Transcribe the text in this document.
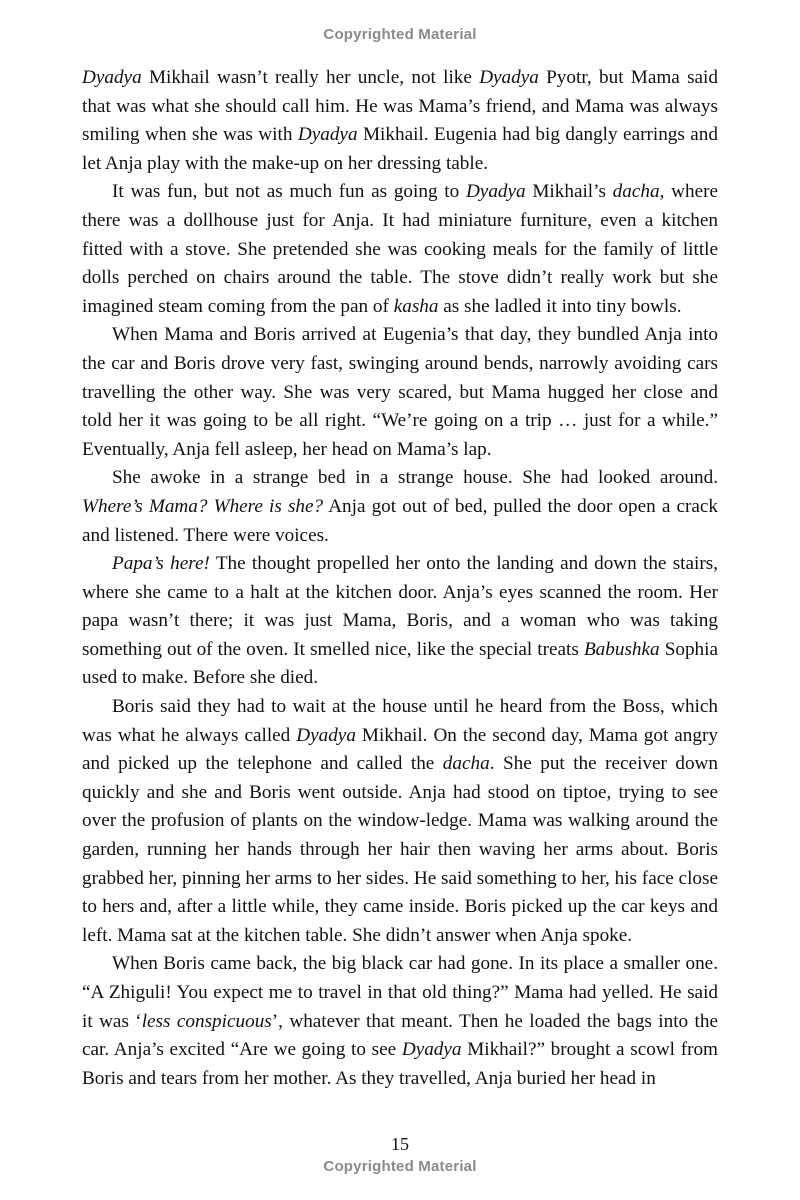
Copyrighted Material

Dyadya Mikhail wasn’t really her uncle, not like Dyadya Pyotr, but Mama said that was what she should call him. He was Mama’s friend, and Mama was always smiling when she was with Dyadya Mikhail. Eugenia had big dangly earrings and let Anja play with the make-up on her dressing table.

It was fun, but not as much fun as going to Dyadya Mikhail’s dacha, where there was a dollhouse just for Anja. It had miniature furniture, even a kitchen fitted with a stove. She pretended she was cooking meals for the family of little dolls perched on chairs around the table. The stove didn’t really work but she imagined steam coming from the pan of kasha as she ladled it into tiny bowls.

When Mama and Boris arrived at Eugenia’s that day, they bundled Anja into the car and Boris drove very fast, swinging around bends, narrowly avoiding cars travelling the other way. She was very scared, but Mama hugged her close and told her it was going to be all right. “We’re going on a trip … just for a while.” Eventually, Anja fell asleep, her head on Mama’s lap.

She awoke in a strange bed in a strange house. She had looked around. Where’s Mama? Where is she? Anja got out of bed, pulled the door open a crack and listened. There were voices.

Papa’s here! The thought propelled her onto the landing and down the stairs, where she came to a halt at the kitchen door. Anja’s eyes scanned the room. Her papa wasn’t there; it was just Mama, Boris, and a woman who was taking something out of the oven. It smelled nice, like the special treats Babushka Sophia used to make. Before she died.

Boris said they had to wait at the house until he heard from the Boss, which was what he always called Dyadya Mikhail. On the second day, Mama got angry and picked up the telephone and called the dacha. She put the receiver down quickly and she and Boris went outside. Anja had stood on tiptoe, trying to see over the profusion of plants on the window-ledge. Mama was walking around the garden, running her hands through her hair then waving her arms about. Boris grabbed her, pinning her arms to her sides. He said something to her, his face close to hers and, after a little while, they came inside. Boris picked up the car keys and left. Mama sat at the kitchen table. She didn’t answer when Anja spoke.

When Boris came back, the big black car had gone. In its place a smaller one. “A Zhiguli! You expect me to travel in that old thing?” Mama had yelled. He said it was ‘less conspicuous’, whatever that meant. Then he loaded the bags into the car. Anja’s excited “Are we going to see Dyadya Mikhail?” brought a scowl from Boris and tears from her mother. As they travelled, Anja buried her head in

15
Copyrighted Material
